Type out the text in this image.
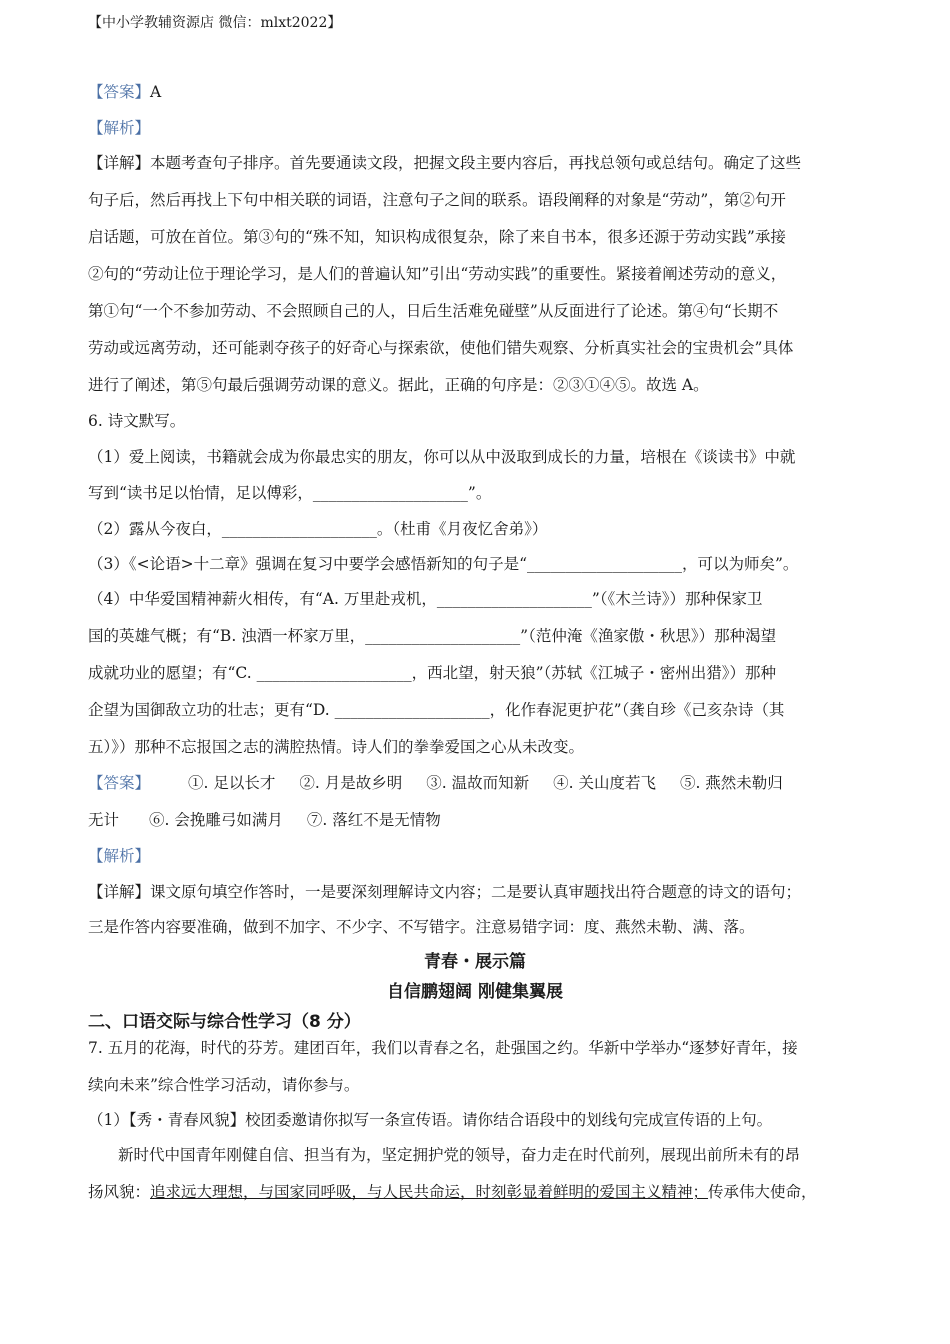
【中小学教辅资源店 微信：mlxt2022】
【答案】A
【解析】
【详解】本题考查句子排序。首先要通读文段，把握文段主要内容后，再找总领句或总结句。确定了这些
句子后，然后再找上下句中相关联的词语，注意句子之间的联系。语段阐释的对象是“劳动”，第②句开
启话题，可放在首位。第③句的“殊不知，知识构成很复杂，除了来自书本，很多还源于劳动实践”承接
②句的“劳动让位于理论学习，是人们的普遍认知”引出“劳动实践”的重要性。紧接着阐述劳动的意义，
第①句“一个不参加劳动、不会照顾自己的人，日后生活难免碰壁”从反面进行了论述。第④句“长期不
劳动或远离劳动，还可能剥夺孩子的好奇心与探索欲，使他们错失观察、分析真实社会的宝贵机会”具体
进行了阐述，第⑤句最后强调劳动课的意义。据此，正确的句序是：②③①④⑤。故选 A。
6. 诗文默写。
（1）爱上阅读，书籍就会成为你最忠实的朋友，你可以从中汲取到成长的力量，培根在《谈读书》中就
写到“读书足以怡情，足以傅彩，____________________”。
（2）露从今夜白，____________________。（杜甫《月夜忆舍弟》）
（3）《<论语>十二章》强调在复习中要学会感悟新知的句子是“____________________，可以为师矣”。
（4）中华爱国精神薪火相传，有“A. 万里赴戎机，____________________”（《木兰诗》）那种保家卫
国的英雄气概；有“B. 浊酒一杯家万里，____________________”（范仲淹《渔家傲・秋思》）那种渴望
成就功业的愿望；有“C. ____________________，西北望，射天狼”（苏轼《江城子・密州出猎》）那种
企望为国御敌立功的壮志；更有“D. ____________________，化作春泥更护花”（龚自珍《己亥杂诗（其
五）》）那种不忘报国之志的满腔热情。诗人们的拳拳爱国之心从未改变。
【答案】 ①. 足以长才 ②. 月是故乡明 ③. 温故而知新 ④. 关山度若飞 ⑤. 燕然未勒归
无计 ⑥. 会挽雕弓如满月 ⑦. 落红不是无情物
【解析】
【详解】课文原句填空作答时，一是要深刻理解诗文内容；二是要认真审题找出符合题意的诗文的语句；
三是作答内容要准确，做到不加字、不少字、不写错字。注意易错字词：度、燕然未勒、满、落。
青春・展示篇
自信鹏翅阔 刚健集翼展
二、口语交际与综合性学习（8 分）
7. 五月的花海，时代的芬芳。建团百年，我们以青春之名，赴强国之约。华新中学举办“逐梦好青年，接
续向未来”综合性学习活动，请你参与。
（1）【秀・青春风貌】校团委邀请你拟写一条宣传语。请你结合语段中的划线句完成宣传语的上句。
新时代中国青年刚健自信、担当有为，坚定拥护党的领导，奋力走在时代前列，展现出前所未有的昂
扬风貌：追求远大理想，与国家同呼吸，与人民共命运，时刻彰显着鲜明的爱国主义精神；传承伟大使命，
